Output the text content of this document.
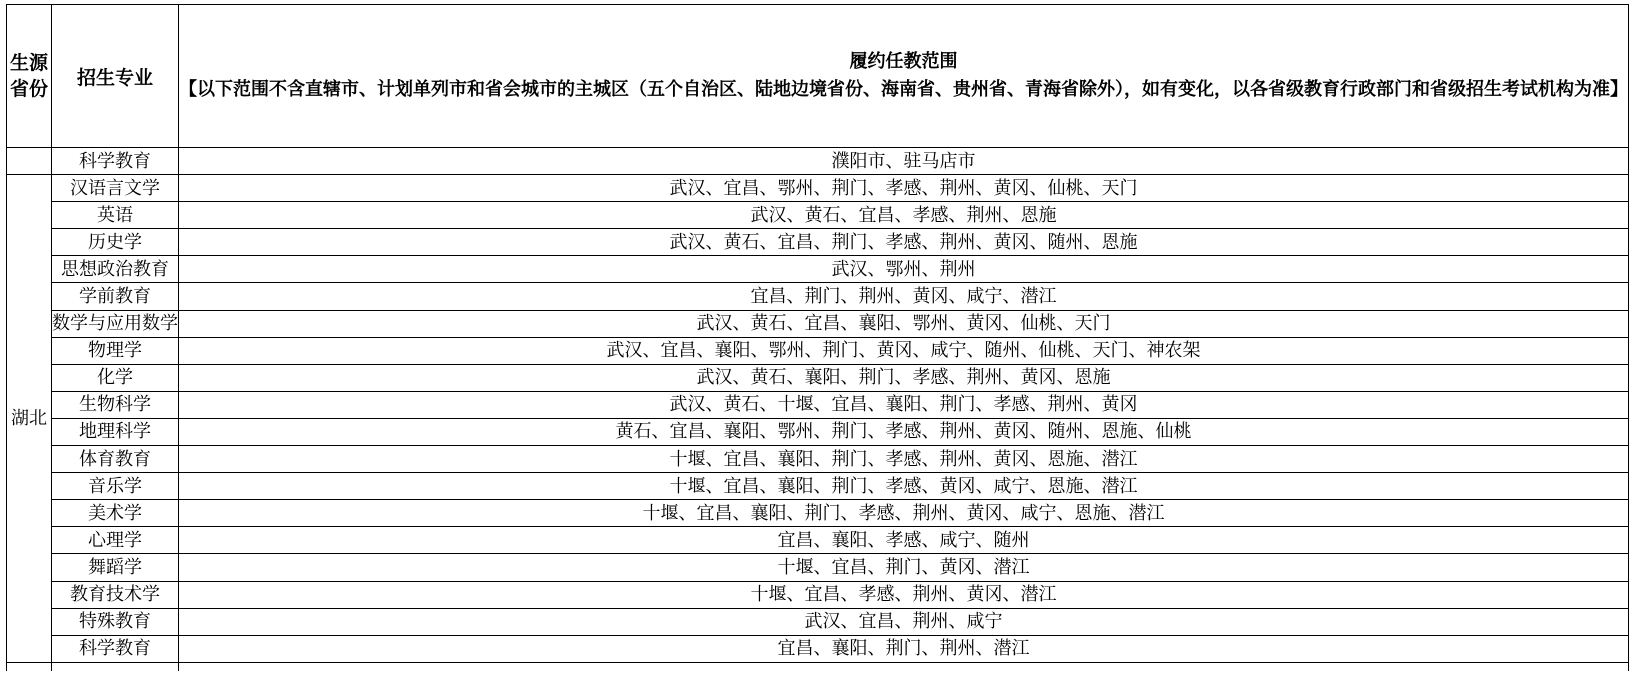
生源省份	招生专业	履约任教范围
【以下范围不含直辖市、计划单列市和省会城市的主城区（五个自治区、陆地边境省份、海南省、贵州省、青海省除外），如有变化，以各省级教育行政部门和省级招生考试机构为准】
	科学教育	濮阳市、驻马店市
湖北	汉语言文学	武汉、宜昌、鄂州、荆门、孝感、荆州、黄冈、仙桃、天门
	英语	武汉、黄石、宜昌、孝感、荆州、恩施
	历史学	武汉、黄石、宜昌、荆门、孝感、荆州、黄冈、随州、恩施
	思想政治教育	武汉、鄂州、荆州
	学前教育	宜昌、荆门、荆州、黄冈、咸宁、潜江
	数学与应用数学	武汉、黄石、宜昌、襄阳、鄂州、黄冈、仙桃、天门
	物理学	武汉、宜昌、襄阳、鄂州、荆门、黄冈、咸宁、随州、仙桃、天门、神农架
	化学	武汉、黄石、襄阳、荆门、孝感、荆州、黄冈、恩施
	生物科学	武汉、黄石、十堰、宜昌、襄阳、荆门、孝感、荆州、黄冈
	地理科学	黄石、宜昌、襄阳、鄂州、荆门、孝感、荆州、黄冈、随州、恩施、仙桃
	体育教育	十堰、宜昌、襄阳、荆门、孝感、荆州、黄冈、恩施、潜江
	音乐学	十堰、宜昌、襄阳、荆门、孝感、黄冈、咸宁、恩施、潜江
	美术学	十堰、宜昌、襄阳、荆门、孝感、荆州、黄冈、咸宁、恩施、潜江
	心理学	宜昌、襄阳、孝感、咸宁、随州
	舞蹈学	十堰、宜昌、荆门、黄冈、潜江
	教育技术学	十堰、宜昌、孝感、荆州、黄冈、潜江
	特殊教育	武汉、宜昌、荆州、咸宁
	科学教育	宜昌、襄阳、荆门、荆州、潜江
